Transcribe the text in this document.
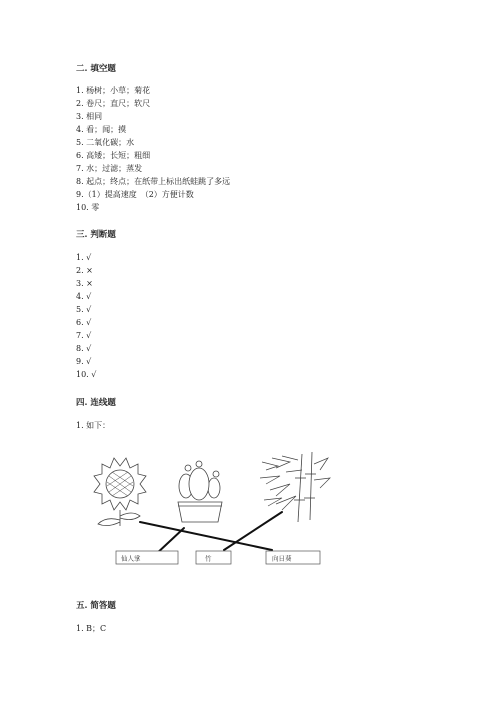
二. 填空题
1. 杨树；小草；菊花
2. 卷尺；直尺；软尺
3. 相同
4. 看；闻；摸
5. 二氧化碳；水
6. 高矮；长短；粗细
7. 水；过滤；蒸发
8. 起点；终点；在纸带上标出纸蛙跳了多远
9.（1）提高速度　（2）方便计数
10. 零
三. 判断题
1. √
2. ×
3. ×
4. √
5. √
6. √
7. √
8. √
9. √
10. √
四. 连线题
1. 如下：
仙人掌	竹	向日葵
五. 简答题
1. B；C
